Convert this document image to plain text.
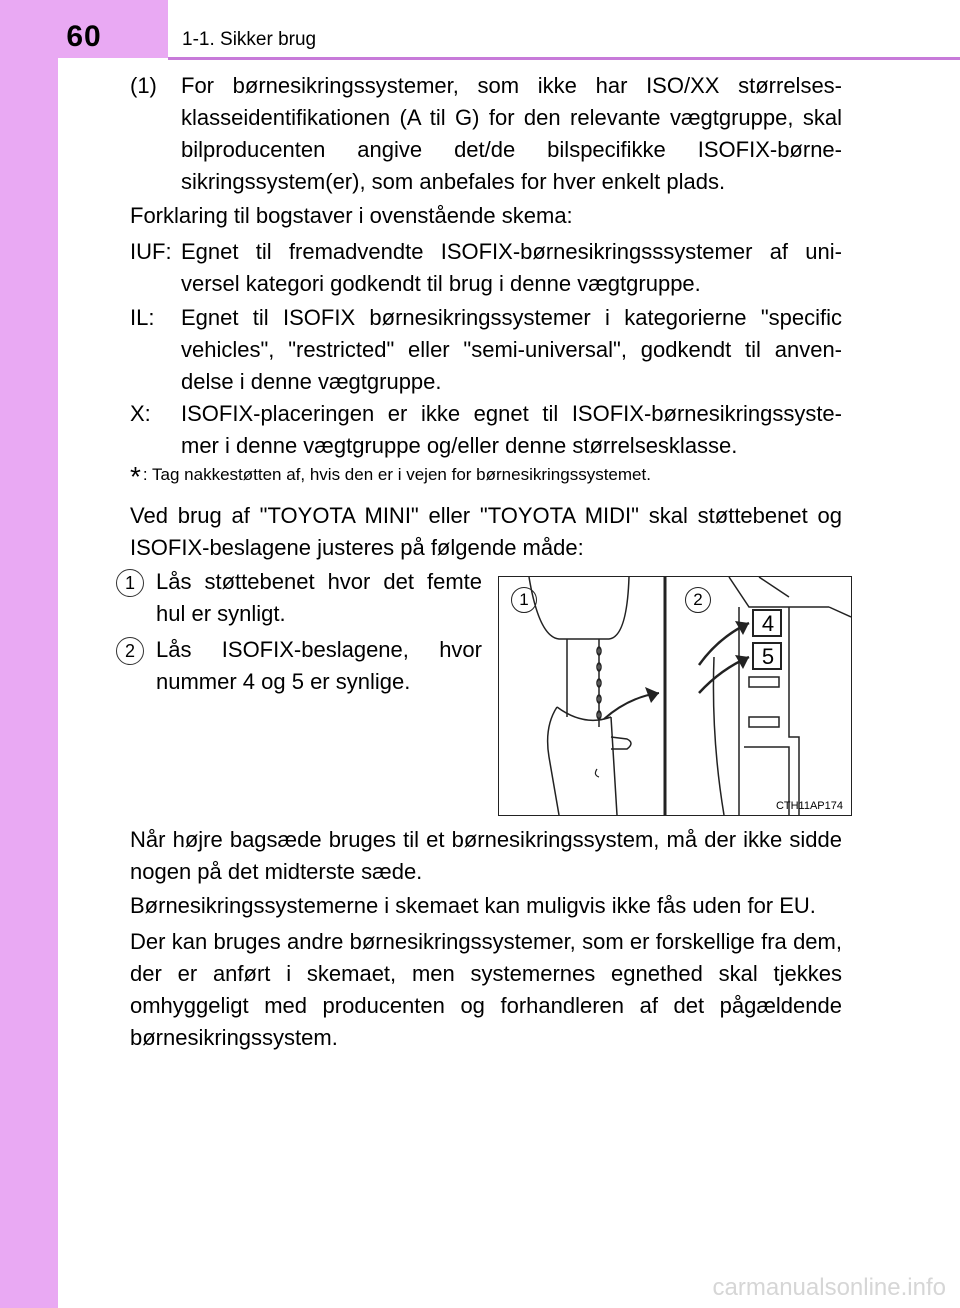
60	1-1. Sikker brug
(1) For børnesikringssystemer, som ikke har ISO/XX størrelses-klasseidentifikationen (A til G) for den relevante vægtgruppe, skal bilproducenten angive det/de bilspecifikke ISOFIX-børne-sikringssystem(er), som anbefales for hver enkelt plads.
Forklaring til bogstaver i ovenstående skema:
IUF: Egnet til fremadvendte ISOFIX-børnesikringsssystemer af uni-versel kategori godkendt til brug i denne vægtgruppe.
IL: Egnet til ISOFIX børnesikringssystemer i kategorierne "specific vehicles", "restricted" eller "semi-universal", godkendt til anven-delse i denne vægtgruppe.
X: ISOFIX-placeringen er ikke egnet til ISOFIX-børnesikringssyste-mer i denne vægtgruppe og/eller denne størrelsesklasse.
* : Tag nakkestøtten af, hvis den er i vejen for børnesikringssystemet.
Ved brug af "TOYOTA MINI" eller "TOYOTA MIDI" skal støttebenet og ISOFIX-beslagene justeres på følgende måde:
1 Lås støttebenet hvor det femte hul er synligt.
2 Lås ISOFIX-beslagene, hvor nummer 4 og 5 er synlige.
1	2
4
5
CTH11AP174
Når højre bagsæde bruges til et børnesikringssystem, må der ikke sidde nogen på det midterste sæde.
Børnesikringssystemerne i skemaet kan muligvis ikke fås uden for EU.
Der kan bruges andre børnesikringssystemer, som er forskellige fra dem, der er anført i skemaet, men systemernes egnethed skal tjekkes omhyggeligt med producenten og forhandleren af det pågældende børnesikringssystem.
carmanualsonline.info
